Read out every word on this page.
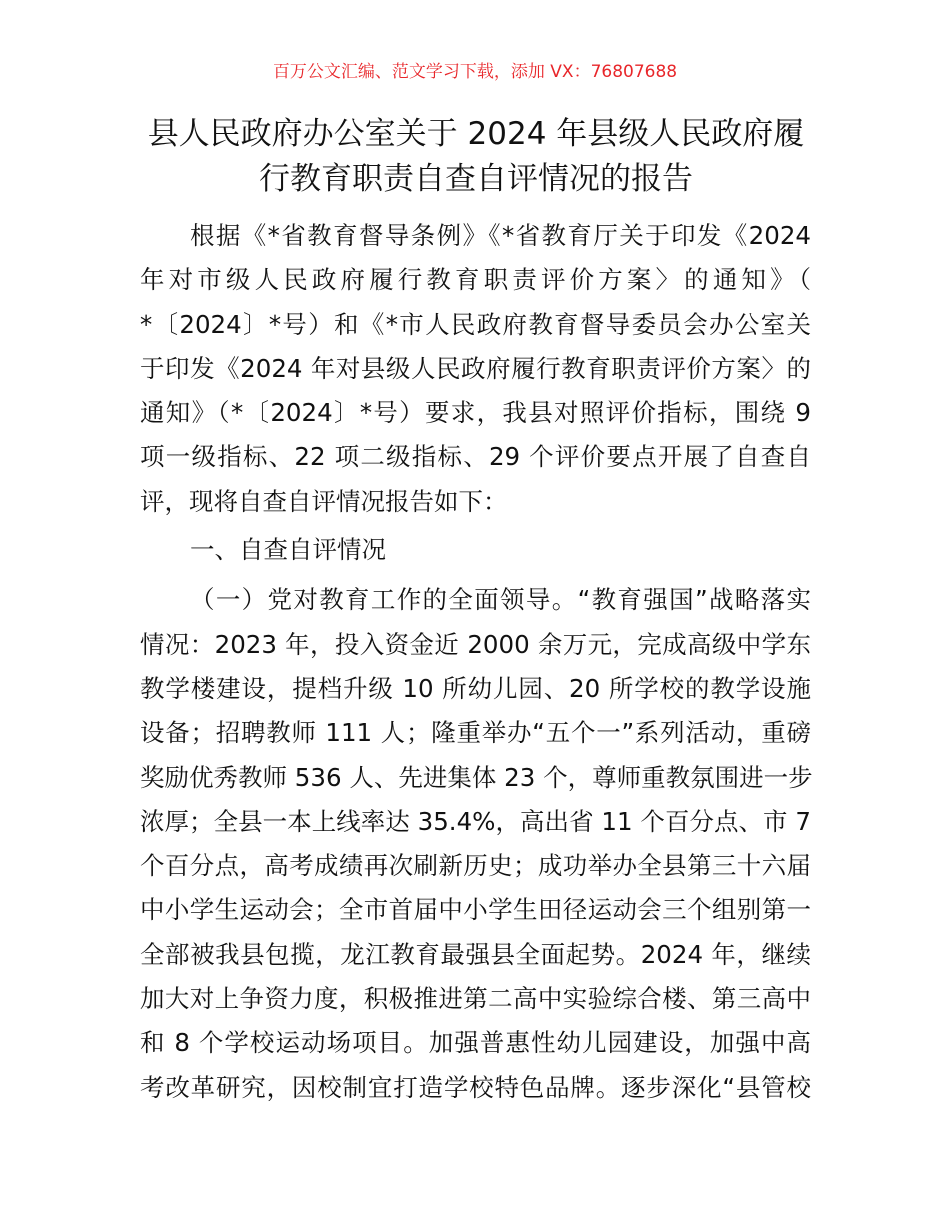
百万公文汇编、范文学习下载，添加 VX：76807688
县人民政府办公室关于 2024 年县级人民政府履
行教育职责自查自评情况的报告
根据《*省教育督导条例》《*省教育厅关于印发《2024
年对市级人民政府履行教育职责评价方案〉的通知》（
*〔2024〕*号）和《*市人民政府教育督导委员会办公室关
于印发《2024 年对县级人民政府履行教育职责评价方案〉的
通知》（*〔2024〕*号）要求，我县对照评价指标，围绕 9
项一级指标、22 项二级指标、29 个评价要点开展了自查自
评，现将自查自评情况报告如下：
一、自查自评情况
（一）党对教育工作的全面领导。“教育强国”战略落实
情况：2023 年，投入资金近 2000 余万元，完成高级中学东
教学楼建设，提档升级 10 所幼儿园、20 所学校的教学设施
设备；招聘教师 111 人；隆重举办“五个一”系列活动，重磅
奖励优秀教师 536 人、先进集体 23 个，尊师重教氛围进一步
浓厚；全县一本上线率达 35.4%，高出省 11 个百分点、市 7
个百分点，高考成绩再次刷新历史；成功举办全县第三十六届
中小学生运动会；全市首届中小学生田径运动会三个组别第一
全部被我县包揽，龙江教育最强县全面起势。2024 年，继续
加大对上争资力度，积极推进第二高中实验综合楼、第三高中
和 8 个学校运动场项目。加强普惠性幼儿园建设，加强中高
考改革研究，因校制宜打造学校特色品牌。逐步深化“县管校
